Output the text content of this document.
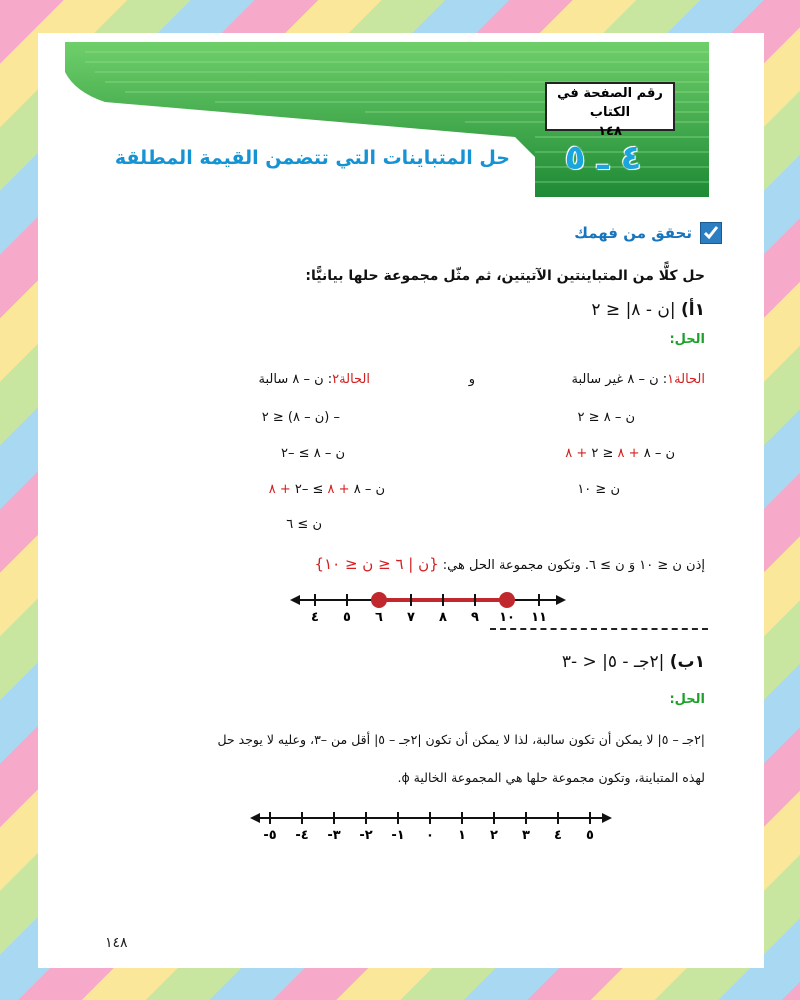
رقم الصفحة في الكتاب
١٤٨
٤ ـ ٥
حل المتباينات التي تتضمن القيمة المطلقة
تحقق من فهمك
حل كلًّا من المتباينتين الآتيتين، ثم مثّل مجموعة حلها بيانيًّا:
١أ) |ن - ٨| ≤ ٢
الحل:
الحالة١: ن – ٨ غير سالبة
و
الحالة٢: ن – ٨ سالبة
ن – ٨ ≤ ٢
ن – ٨ + ٨ ≤ ٢ + ٨
ن ≤ ١٠
– (ن – ٨) ≤ ٢
ن – ٨ ≥ –٢
ن – ٨ + ٨ ≥ –٢ + ٨
ن ≥ ٦
إذن ن ≤ ١٠ وَ ن ≥ ٦. وتكون مجموعة الحل هي: {ن | ٦ ≤ ن ≤ ١٠}
٤ ٥ ٦ ٧ ٨ ٩ ١٠ ١١
١ب) |٢جـ - ٥| < -٣
الحل:
|٢جـ – ٥| لا يمكن أن تكون سالبة، لذا لا يمكن أن تكون |٢جـ – ٥| أقل من –٣، وعليه لا يوجد حل
لهذه المتباينة، وتكون مجموعة حلها هي المجموعة الخالية ϕ.
-٥ -٤ -٣ -٢ -١ ٠ ١ ٢ ٣ ٤ ٥
١٤٨
